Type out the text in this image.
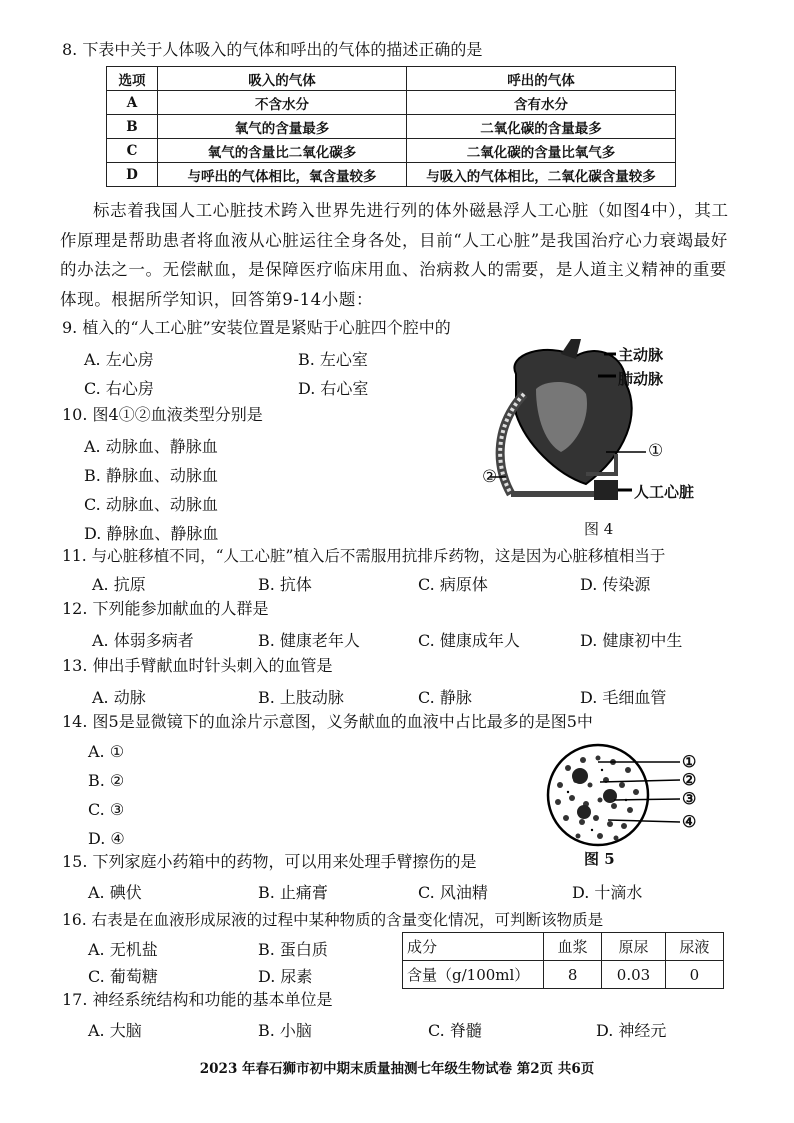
8. 下表中关于人体吸入的气体和呼出的气体的描述正确的是
选项	吸入的气体	呼出的气体
A	不含水分	含有水分
B	氧气的含量最多	二氧化碳的含量最多
C	氧气的含量比二氧化碳多	二氧化碳的含量比氧气多
D	与呼出的气体相比，氧含量较多	与吸入的气体相比，二氧化碳含量较多
标志着我国人工心脏技术跨入世界先进行列的体外磁悬浮人工心脏（如图4中），其工作原理是帮助患者将血液从心脏运往全身各处，目前“人工心脏”是我国治疗心力衰竭最好的办法之一。无偿献血，是保障医疗临床用血、治病救人的需要，是人道主义精神的重要体现。根据所学知识，回答第9-14小题：
9. 植入的“人工心脏”安装位置是紧贴于心脏四个腔中的
A. 左心房	B. 左心室
C. 右心房	D. 右心室
10. 图4①②血液类型分别是
A. 动脉血、静脉血
B. 静脉血、动脉血
C. 动脉血、动脉血
D. 静脉血、静脉血
主动脉
肺动脉
①
②
人工心脏
图 4
11. 与心脏移植不同，“人工心脏”植入后不需服用抗排斥药物，这是因为心脏移植相当于
A. 抗原	B. 抗体	C. 病原体	D. 传染源
12. 下列能参加献血的人群是
A. 体弱多病者	B. 健康老年人	C. 健康成年人	D. 健康初中生
13. 伸出手臂献血时针头刺入的血管是
A. 动脉	B. 上肢动脉	C. 静脉	D. 毛细血管
14. 图5是显微镜下的血涂片示意图，义务献血的血液中占比最多的是图5中
A. ①
B. ②
C. ③
D. ④
①
②
③
④
图 5
15. 下列家庭小药箱中的药物，可以用来处理手臂擦伤的是
A. 碘伏	B. 止痛膏	C. 风油精	D. 十滴水
16. 右表是在血液形成尿液的过程中某种物质的含量变化情况，可判断该物质是
A. 无机盐	B. 蛋白质
C. 葡萄糖	D. 尿素
成分	血浆	原尿	尿液
含量（g/100ml）	8	0.03	0
17. 神经系统结构和功能的基本单位是
A. 大脑	B. 小脑	C. 脊髓	D. 神经元
2023 年春石狮市初中期末质量抽测七年级生物试卷 第2页 共6页
